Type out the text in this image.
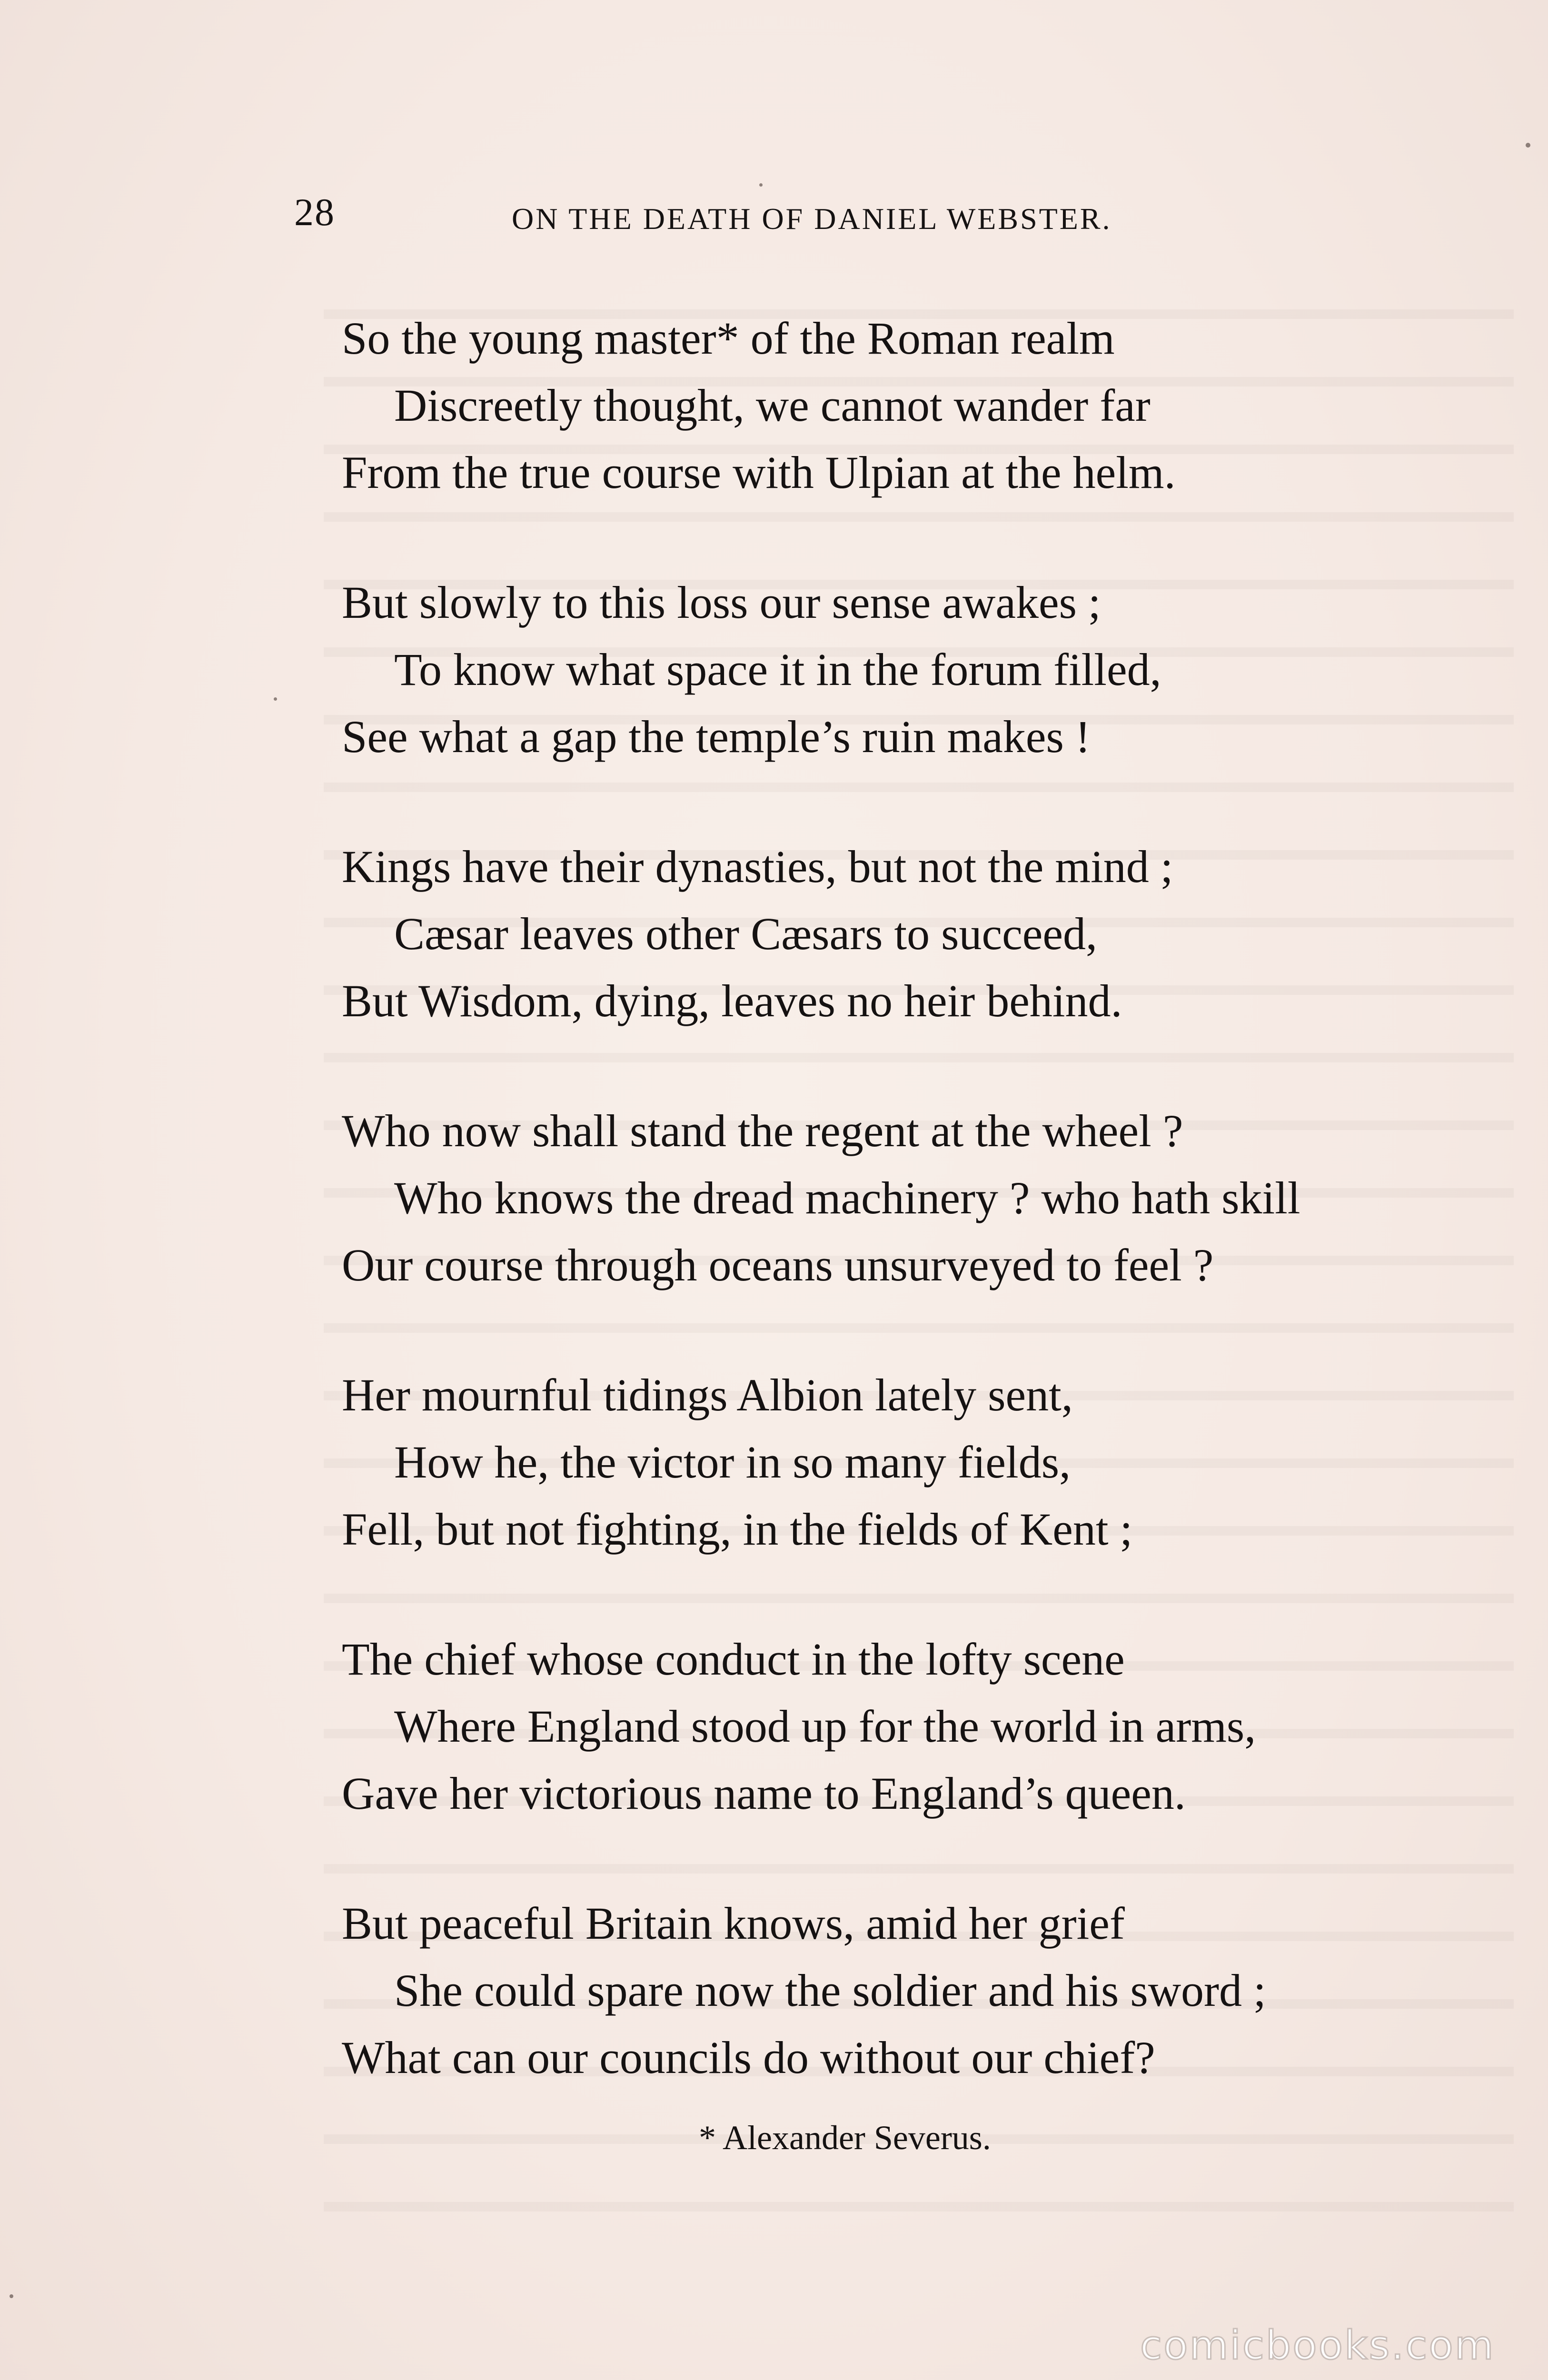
28	ON THE DEATH OF DANIEL WEBSTER.
So the young master* of the Roman realm
Discreetly thought, we cannot wander far
From the true course with Ulpian at the helm.
But slowly to this loss our sense awakes ;
To know what space it in the forum filled,
See what a gap the temple’s ruin makes !
Kings have their dynasties, but not the mind ;
Cæsar leaves other Cæsars to succeed,
But Wisdom, dying, leaves no heir behind.
Who now shall stand the regent at the wheel ?
Who knows the dread machinery ? who hath skill
Our course through oceans unsurveyed to feel ?
Her mournful tidings Albion lately sent,
How he, the victor in so many fields,
Fell, but not fighting, in the fields of Kent ;
The chief whose conduct in the lofty scene
Where England stood up for the world in arms,
Gave her victorious name to England’s queen.
But peaceful Britain knows, amid her grief
She could spare now the soldier and his sword ;
What can our councils do without our chief?
* Alexander Severus.
comicbooks.com
